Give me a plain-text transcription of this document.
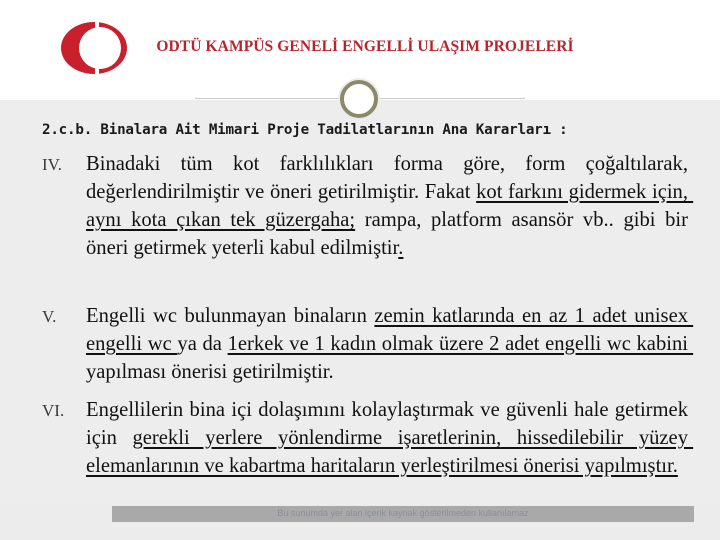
ODTÜ KAMPÜS GENELİ ENGELLİ ULAŞIM PROJELERİ
2.c.b. Binalara Ait Mimari Proje Tadilatlarının Ana Kararları :
IV.	Binadaki tüm kot farklılıkları forma göre, form çoğaltılarak, değerlendirilmiştir ve öneri getirilmiştir. Fakat kot farkını gidermek için, aynı kota çıkan tek güzergaha; rampa, platform asansör vb.. gibi bir öneri getirmek yeterli kabul edilmiştir.
V.	Engelli wc bulunmayan binaların zemin katlarında en az 1 adet unisex engelli wc ya da 1erkek ve 1 kadın olmak üzere 2 adet engelli wc kabini yapılması önerisi getirilmiştir.
VI.	Engellilerin bina içi dolaşımını kolaylaştırmak ve güvenli hale getirmek için gerekli yerlere yönlendirme işaretlerinin, hissedilebilir yüzey elemanlarının ve kabartma haritaların yerleştirilmesi önerisi yapılmıştır.
Bu sunumda yer alan içerik kaynak gösterilmeden kullanılamaz
